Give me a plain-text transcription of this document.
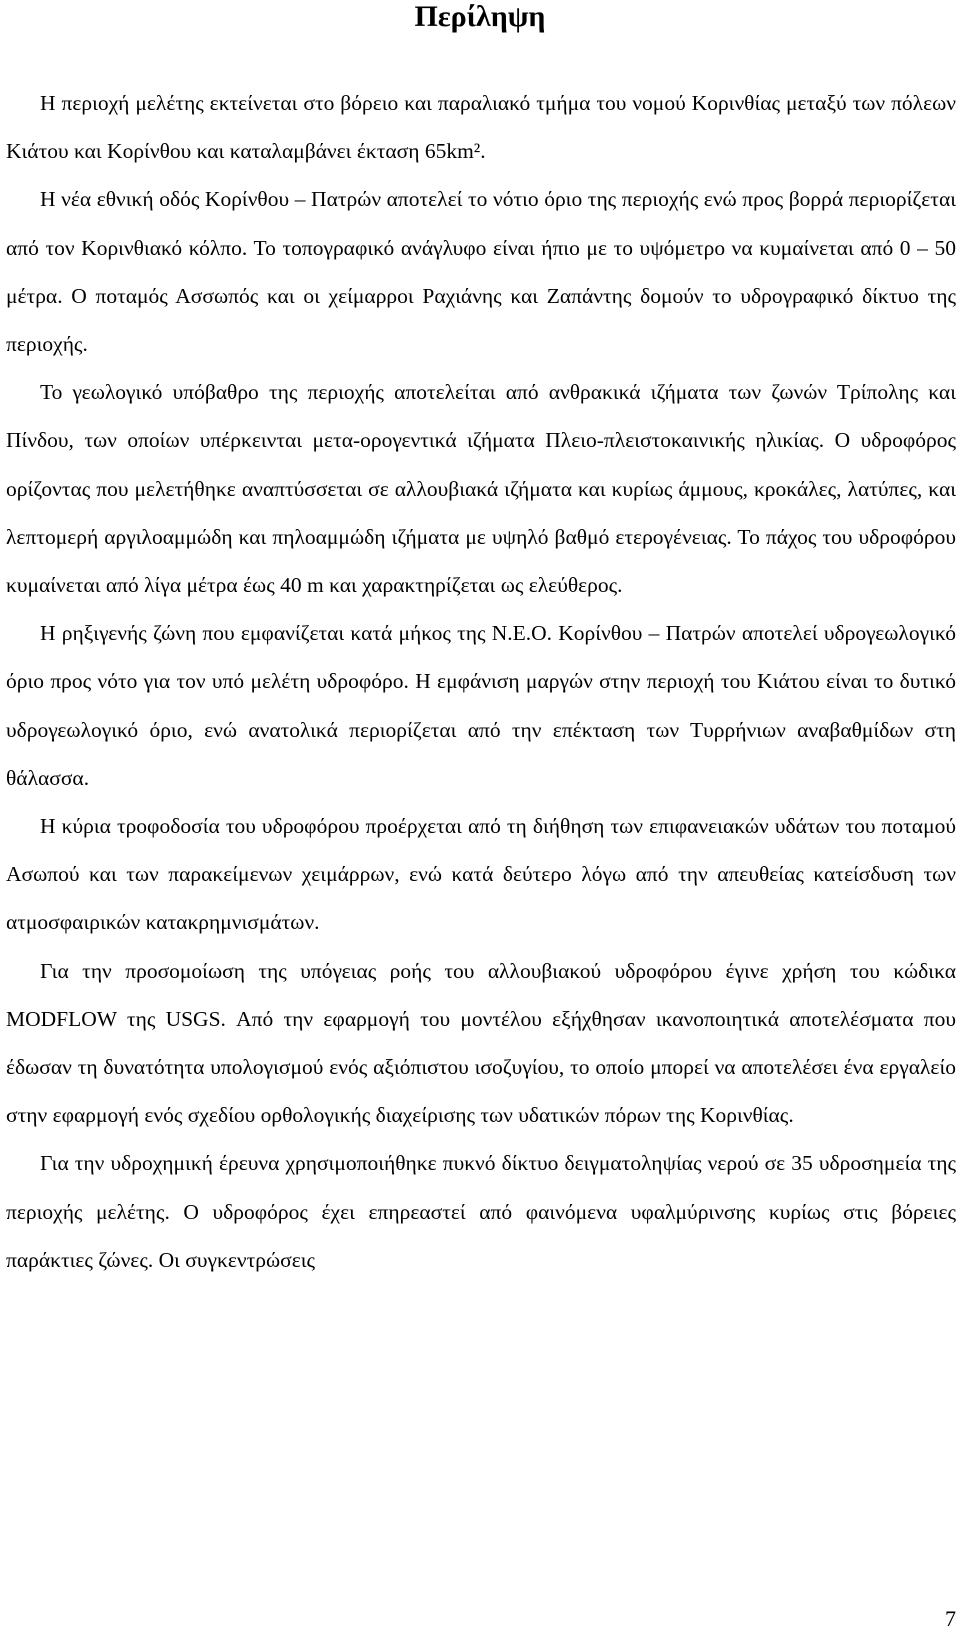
Περίληψη

Η περιοχή μελέτης εκτείνεται στο βόρειο και παραλιακό τμήμα του νομού Κορινθίας μεταξύ των πόλεων Κιάτου και Κορίνθου και καταλαμβάνει έκταση 65km².

Η νέα εθνική οδός Κορίνθου – Πατρών αποτελεί το νότιο όριο της περιοχής ενώ προς βορρά περιορίζεται από τον Κορινθιακό κόλπο. Το τοπογραφικό ανάγλυφο είναι ήπιο με το υψόμετρο να κυμαίνεται από 0 – 50 μέτρα. Ο ποταμός Ασσωπός και οι χείμαρροι Ραχιάνης και Ζαπάντης δομούν το υδρογραφικό δίκτυο της περιοχής.

Το γεωλογικό υπόβαθρο της περιοχής αποτελείται από ανθρακικά ιζήματα των ζωνών Τρίπολης και Πίνδου, των οποίων υπέρκεινται μετα-ορογεντικά ιζήματα Πλειο-πλειστοκαινικής ηλικίας. Ο υδροφόρος ορίζοντας που μελετήθηκε αναπτύσσεται σε αλλουβιακά ιζήματα και κυρίως άμμους, κροκάλες, λατύπες, και λεπτομερή αργιλοαμμώδη και πηλοαμμώδη ιζήματα με υψηλό βαθμό ετερογένειας. Το πάχος του υδροφόρου κυμαίνεται από λίγα μέτρα έως 40 m και χαρακτηρίζεται ως ελεύθερος.

Η ρηξιγενής ζώνη που εμφανίζεται κατά μήκος της Ν.Ε.Ο. Κορίνθου – Πατρών αποτελεί υδρογεωλογικό όριο προς νότο για τον υπό μελέτη υδροφόρο. Η εμφάνιση μαργών στην περιοχή του Κιάτου είναι το δυτικό υδρογεωλογικό όριο, ενώ ανατολικά περιορίζεται από την επέκταση των Τυρρήνιων αναβαθμίδων στη θάλασσα.

Η κύρια τροφοδοσία του υδροφόρου προέρχεται από τη διήθηση των επιφανειακών υδάτων του ποταμού Ασωπού και των παρακείμενων χειμάρρων, ενώ κατά δεύτερο λόγω από την απευθείας κατείσδυση των ατμοσφαιρικών κατακρημνισμάτων.

Για την προσομοίωση της υπόγειας ροής του αλλουβιακού υδροφόρου έγινε χρήση του κώδικα MODFLOW της USGS. Από την εφαρμογή του μοντέλου εξήχθησαν ικανοποιητικά αποτελέσματα που έδωσαν τη δυνατότητα υπολογισμού ενός αξιόπιστου ισοζυγίου, το οποίο μπορεί να αποτελέσει ένα εργαλείο στην εφαρμογή ενός σχεδίου ορθολογικής διαχείρισης των υδατικών πόρων της Κορινθίας.

Για την υδροχημική έρευνα χρησιμοποιήθηκε πυκνό δίκτυο δειγματοληψίας νερού σε 35 υδροσημεία της περιοχής μελέτης. Ο υδροφόρος έχει επηρεαστεί από φαινόμενα υφαλμύρινσης κυρίως στις βόρειες παράκτιες ζώνες. Οι συγκεντρώσεις

7
